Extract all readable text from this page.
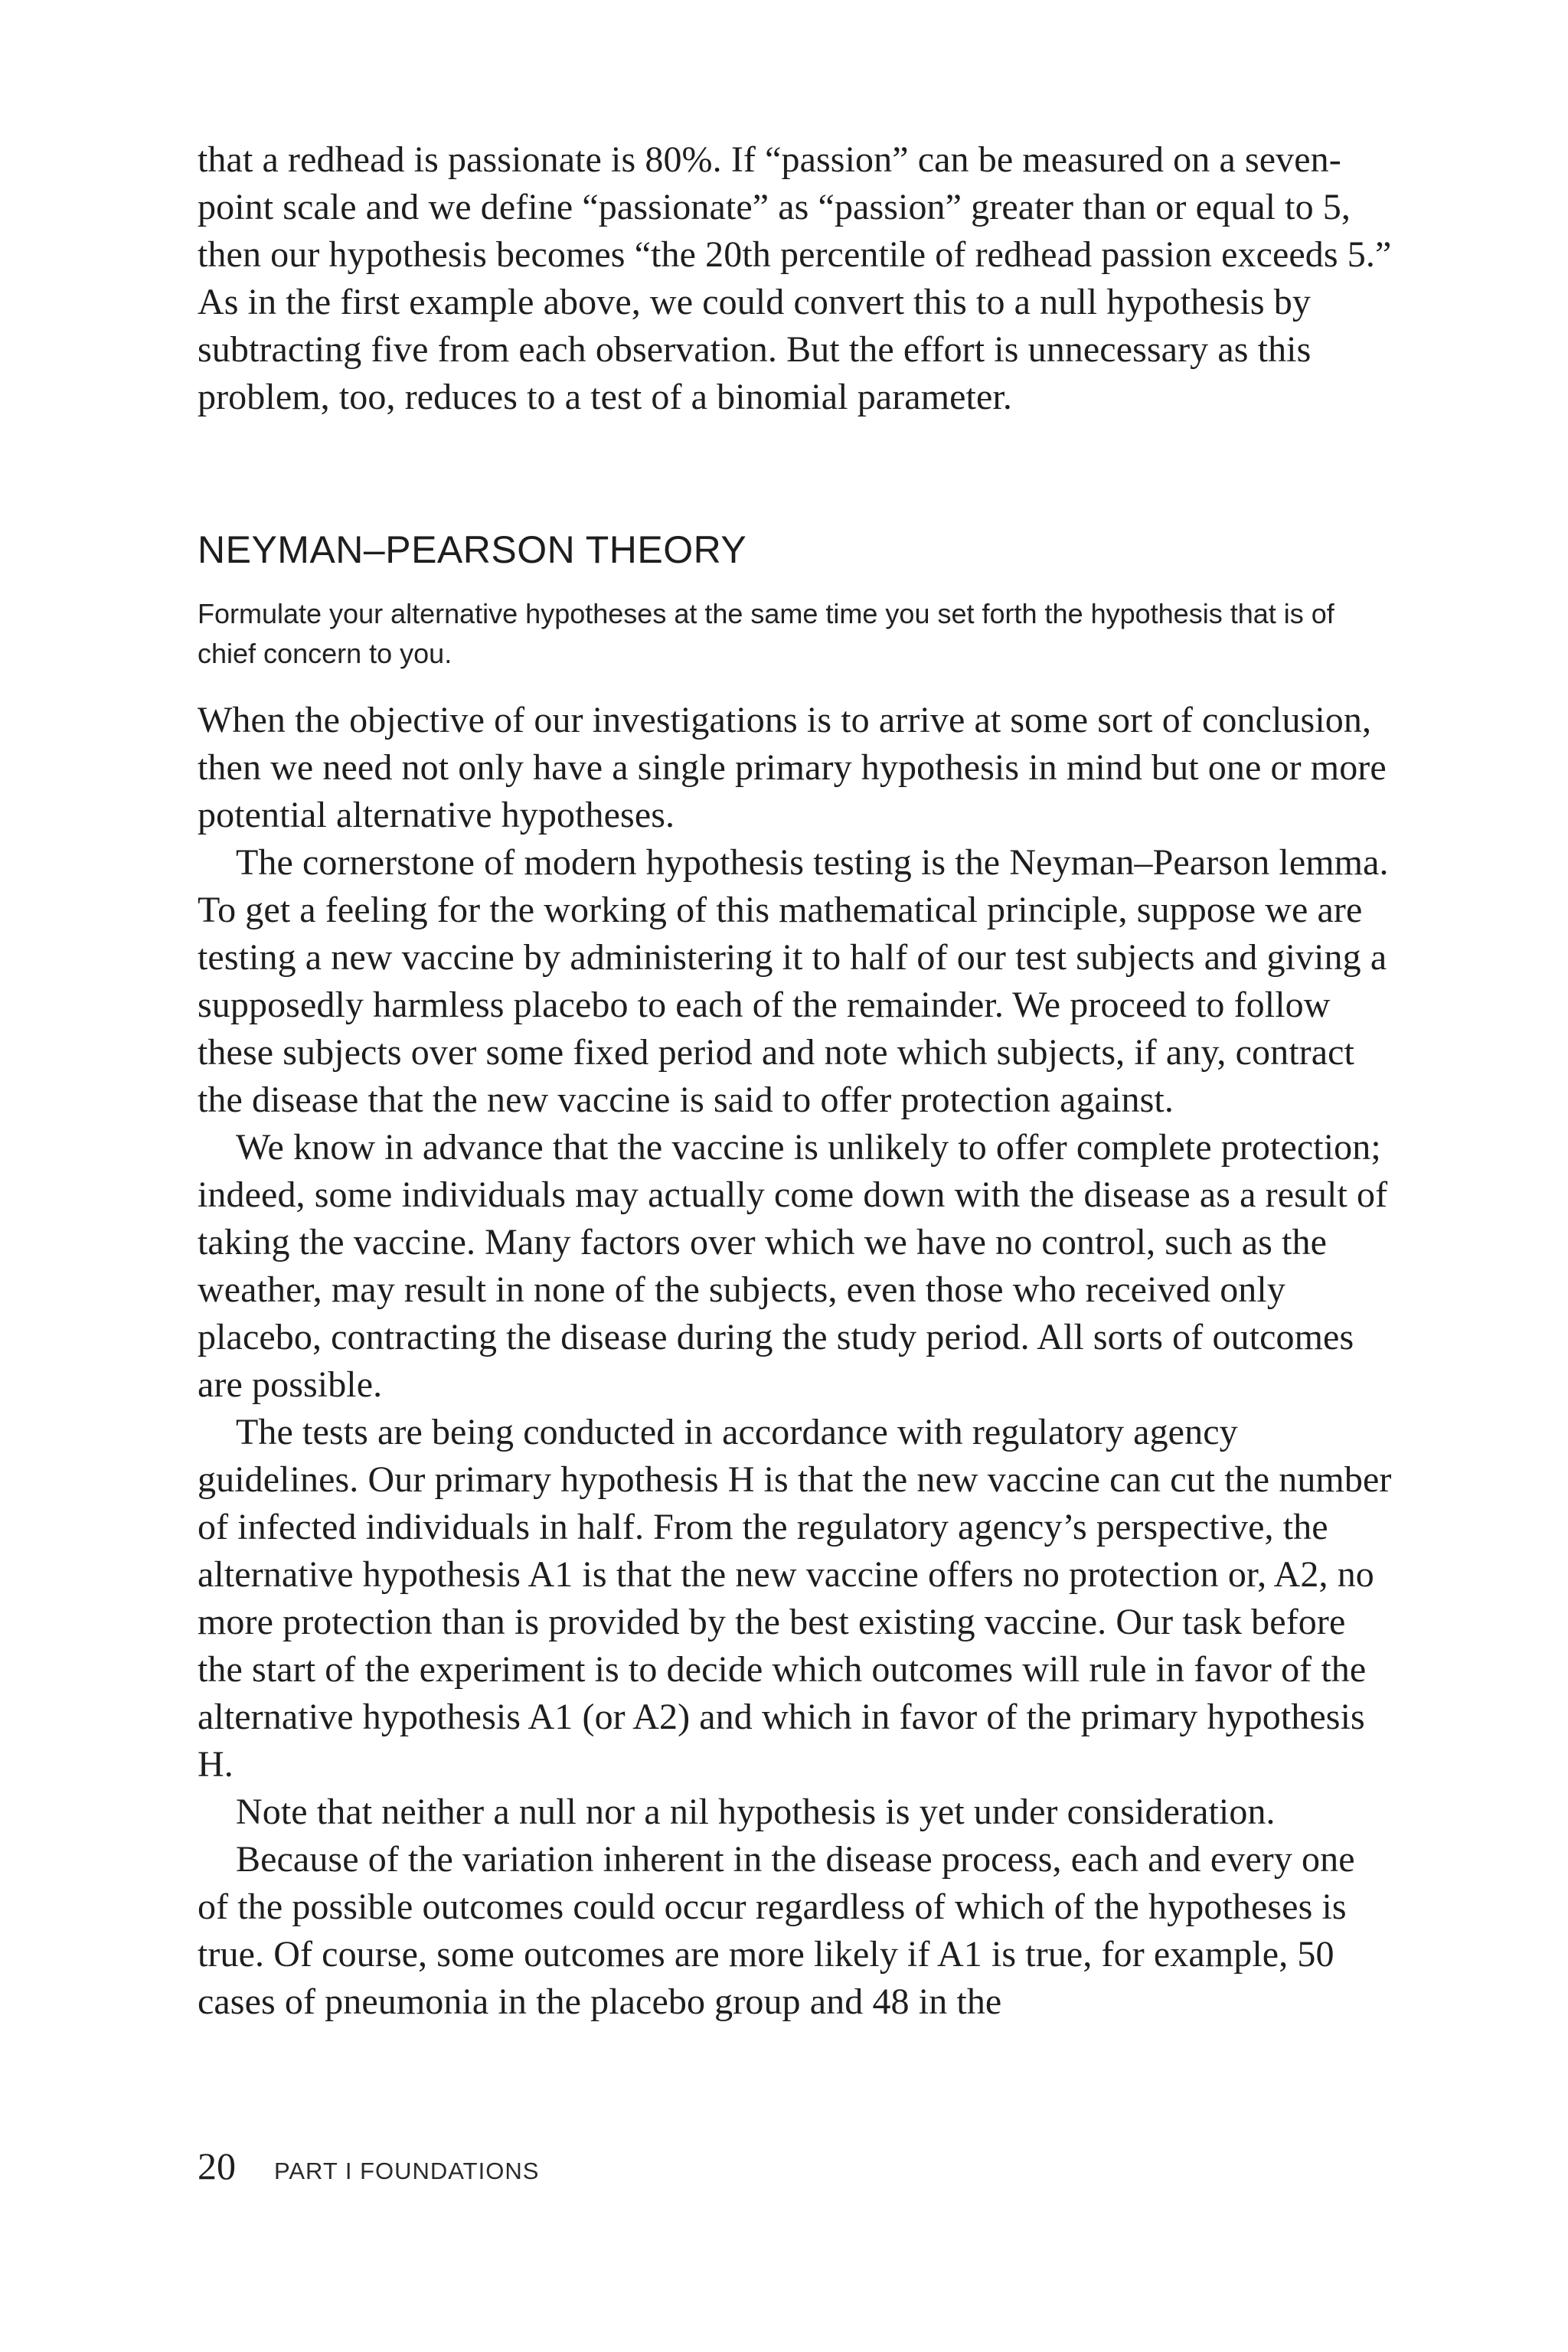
that a redhead is passionate is 80%. If “passion” can be measured on a seven-point scale and we define “passionate” as “passion” greater than or equal to 5, then our hypothesis becomes “the 20th percentile of redhead passion exceeds 5.” As in the first example above, we could convert this to a null hypothesis by subtracting five from each observation. But the effort is unnecessary as this problem, too, reduces to a test of a binomial parameter.

NEYMAN–PEARSON THEORY

Formulate your alternative hypotheses at the same time you set forth the hypothesis that is of chief concern to you.

When the objective of our investigations is to arrive at some sort of conclusion, then we need not only have a single primary hypothesis in mind but one or more potential alternative hypotheses.

The cornerstone of modern hypothesis testing is the Neyman–Pearson lemma. To get a feeling for the working of this mathematical principle, suppose we are testing a new vaccine by administering it to half of our test subjects and giving a supposedly harmless placebo to each of the remainder. We proceed to follow these subjects over some fixed period and note which subjects, if any, contract the disease that the new vaccine is said to offer protection against.

We know in advance that the vaccine is unlikely to offer complete protection; indeed, some individuals may actually come down with the disease as a result of taking the vaccine. Many factors over which we have no control, such as the weather, may result in none of the subjects, even those who received only placebo, contracting the disease during the study period. All sorts of outcomes are possible.

The tests are being conducted in accordance with regulatory agency guidelines. Our primary hypothesis H is that the new vaccine can cut the number of infected individuals in half. From the regulatory agency’s perspective, the alternative hypothesis A1 is that the new vaccine offers no protection or, A2, no more protection than is provided by the best existing vaccine. Our task before the start of the experiment is to decide which outcomes will rule in favor of the alternative hypothesis A1 (or A2) and which in favor of the primary hypothesis H.

Note that neither a null nor a nil hypothesis is yet under consideration.

Because of the variation inherent in the disease process, each and every one of the possible outcomes could occur regardless of which of the hypotheses is true. Of course, some outcomes are more likely if A1 is true, for example, 50 cases of pneumonia in the placebo group and 48 in the

20 PART I FOUNDATIONS
